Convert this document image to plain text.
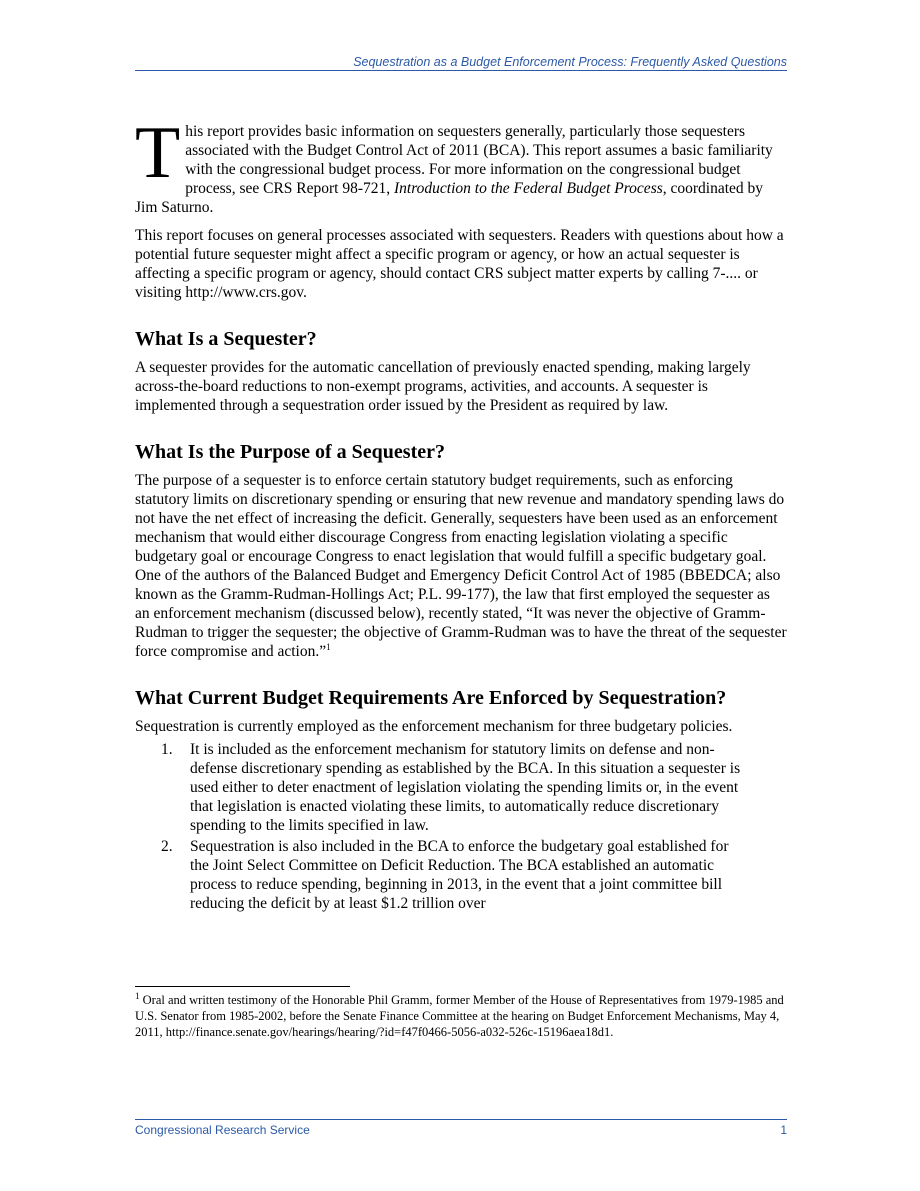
Sequestration as a Budget Enforcement Process: Frequently Asked Questions

This report provides basic information on sequesters generally, particularly those sequesters associated with the Budget Control Act of 2011 (BCA). This report assumes a basic familiarity with the congressional budget process. For more information on the congressional budget process, see CRS Report 98-721, Introduction to the Federal Budget Process, coordinated by Jim Saturno.

This report focuses on general processes associated with sequesters. Readers with questions about how a potential future sequester might affect a specific program or agency, or how an actual sequester is affecting a specific program or agency, should contact CRS subject matter experts by calling 7-.... or visiting http://www.crs.gov.

What Is a Sequester?

A sequester provides for the automatic cancellation of previously enacted spending, making largely across-the-board reductions to non-exempt programs, activities, and accounts. A sequester is implemented through a sequestration order issued by the President as required by law.

What Is the Purpose of a Sequester?

The purpose of a sequester is to enforce certain statutory budget requirements, such as enforcing statutory limits on discretionary spending or ensuring that new revenue and mandatory spending laws do not have the net effect of increasing the deficit. Generally, sequesters have been used as an enforcement mechanism that would either discourage Congress from enacting legislation violating a specific budgetary goal or encourage Congress to enact legislation that would fulfill a specific budgetary goal. One of the authors of the Balanced Budget and Emergency Deficit Control Act of 1985 (BBEDCA; also known as the Gramm-Rudman-Hollings Act; P.L. 99-177), the law that first employed the sequester as an enforcement mechanism (discussed below), recently stated, “It was never the objective of Gramm-Rudman to trigger the sequester; the objective of Gramm-Rudman was to have the threat of the sequester force compromise and action.”$^1$

What Current Budget Requirements Are Enforced by Sequestration?

Sequestration is currently employed as the enforcement mechanism for three budgetary policies.

1. It is included as the enforcement mechanism for statutory limits on defense and non-defense discretionary spending as established by the BCA. In this situation a sequester is used either to deter enactment of legislation violating the spending limits or, in the event that legislation is enacted violating these limits, to automatically reduce discretionary spending to the limits specified in law.
2. Sequestration is also included in the BCA to enforce the budgetary goal established for the Joint Select Committee on Deficit Reduction. The BCA established an automatic process to reduce spending, beginning in 2013, in the event that a joint committee bill reducing the deficit by at least $1.2 trillion over
$^1$ Oral and written testimony of the Honorable Phil Gramm, former Member of the House of Representatives from 1979-1985 and U.S. Senator from 1985-2002, before the Senate Finance Committee at the hearing on Budget Enforcement Mechanisms, May 4, 2011, http://finance.senate.gov/hearings/hearing/?id=f47f0466-5056-a032-526c-15196aea18d1.
Congressional Research Service	1
